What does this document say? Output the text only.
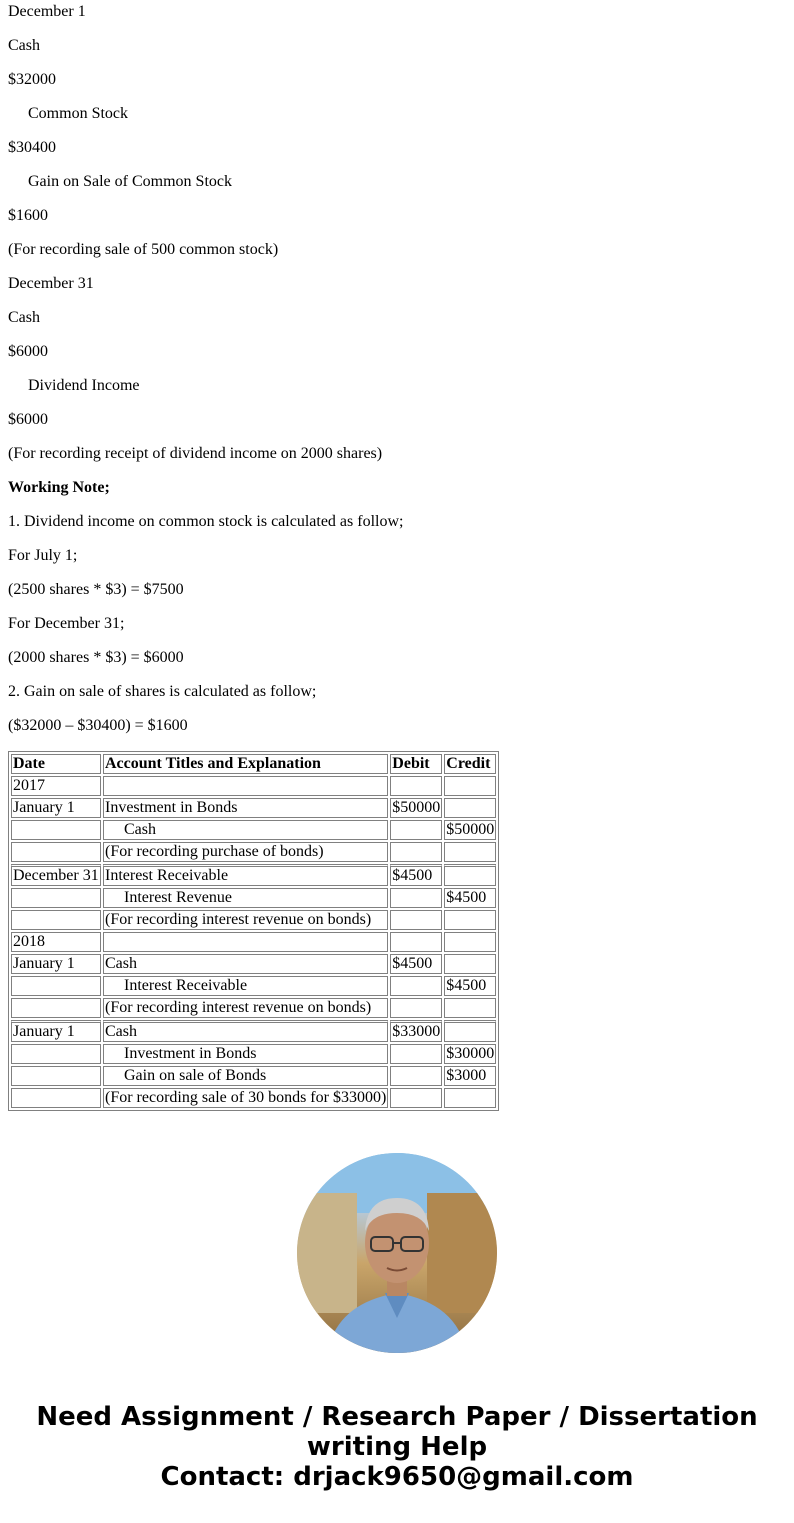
December 1

Cash

$32000

Common Stock

$30400

Gain on Sale of Common Stock

$1600

(For recording sale of 500 common stock)

December 31

Cash

$6000

Dividend Income

$6000

(For recording receipt of dividend income on 2000 shares)

Working Note;

1. Dividend income on common stock is calculated as follow;

For July 1;

(2500 shares * $3) = $7500

For December 31;

(2000 shares * $3) = $6000

2. Gain on sale of shares is calculated as follow;

($32000 – $30400) = $1600

Date	Account Titles and Explanation	Debit	Credit
2017			
January 1	Investment in Bonds	$50000	
	Cash		$50000
	(For recording purchase of bonds)		
December 31	Interest Receivable	$4500	
	Interest Revenue		$4500
	(For recording interest revenue on bonds)		
2018			
January 1	Cash	$4500	
	Interest Receivable		$4500
	(For recording interest revenue on bonds)		
January 1	Cash	$33000	
	Investment in Bonds		$30000
	Gain on sale of Bonds		$3000
	(For recording sale of 30 bonds for $33000)		
Need Assignment / Research Paper / Dissertation
writing Help
Contact: drjack9650@gmail.com
